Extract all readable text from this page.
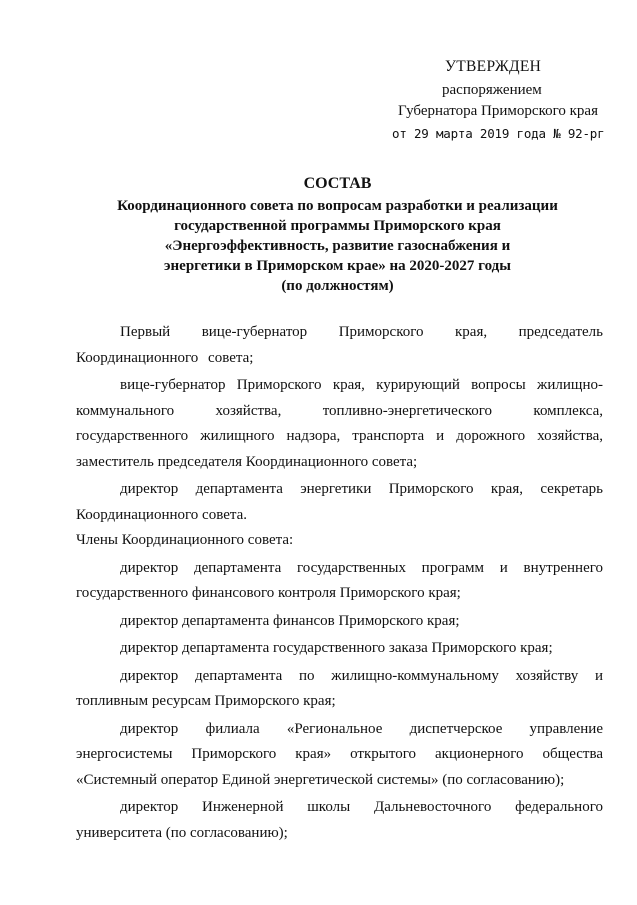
УТВЕРЖДЕН
распоряжением
Губернатора Приморского края
от 29 марта 2019 года № 92-рг
СОСТАВ
Координационного совета по вопросам разработки и реализации
государственной программы Приморского края
«Энергоэффективность, развитие газоснабжения и
энергетики в Приморском крае» на 2020-2027 годы
(по должностям)

Первый вице-губернатор Приморского края, председатель Координационного совета;

вице-губернатор Приморского края, курирующий вопросы жилищно-коммунального хозяйства, топливно-энергетического комплекса, государственного жилищного надзора, транспорта и дорожного хозяйства, заместитель председателя Координационного совета;

директор департамента энергетики Приморского края, секретарь Координационного совета.

Члены Координационного совета:

директор департамента государственных программ и внутреннего государственного финансового контроля Приморского края;

директор департамента финансов Приморского края;

директор департамента государственного заказа Приморского края;

директор департамента по жилищно-коммунальному хозяйству и топливным ресурсам Приморского края;

директор филиала «Региональное диспетчерское управление энергосистемы Приморского края» открытого акционерного общества «Системный оператор Единой энергетической системы» (по согласованию);

директор Инженерной школы Дальневосточного федерального университета (по согласованию);
